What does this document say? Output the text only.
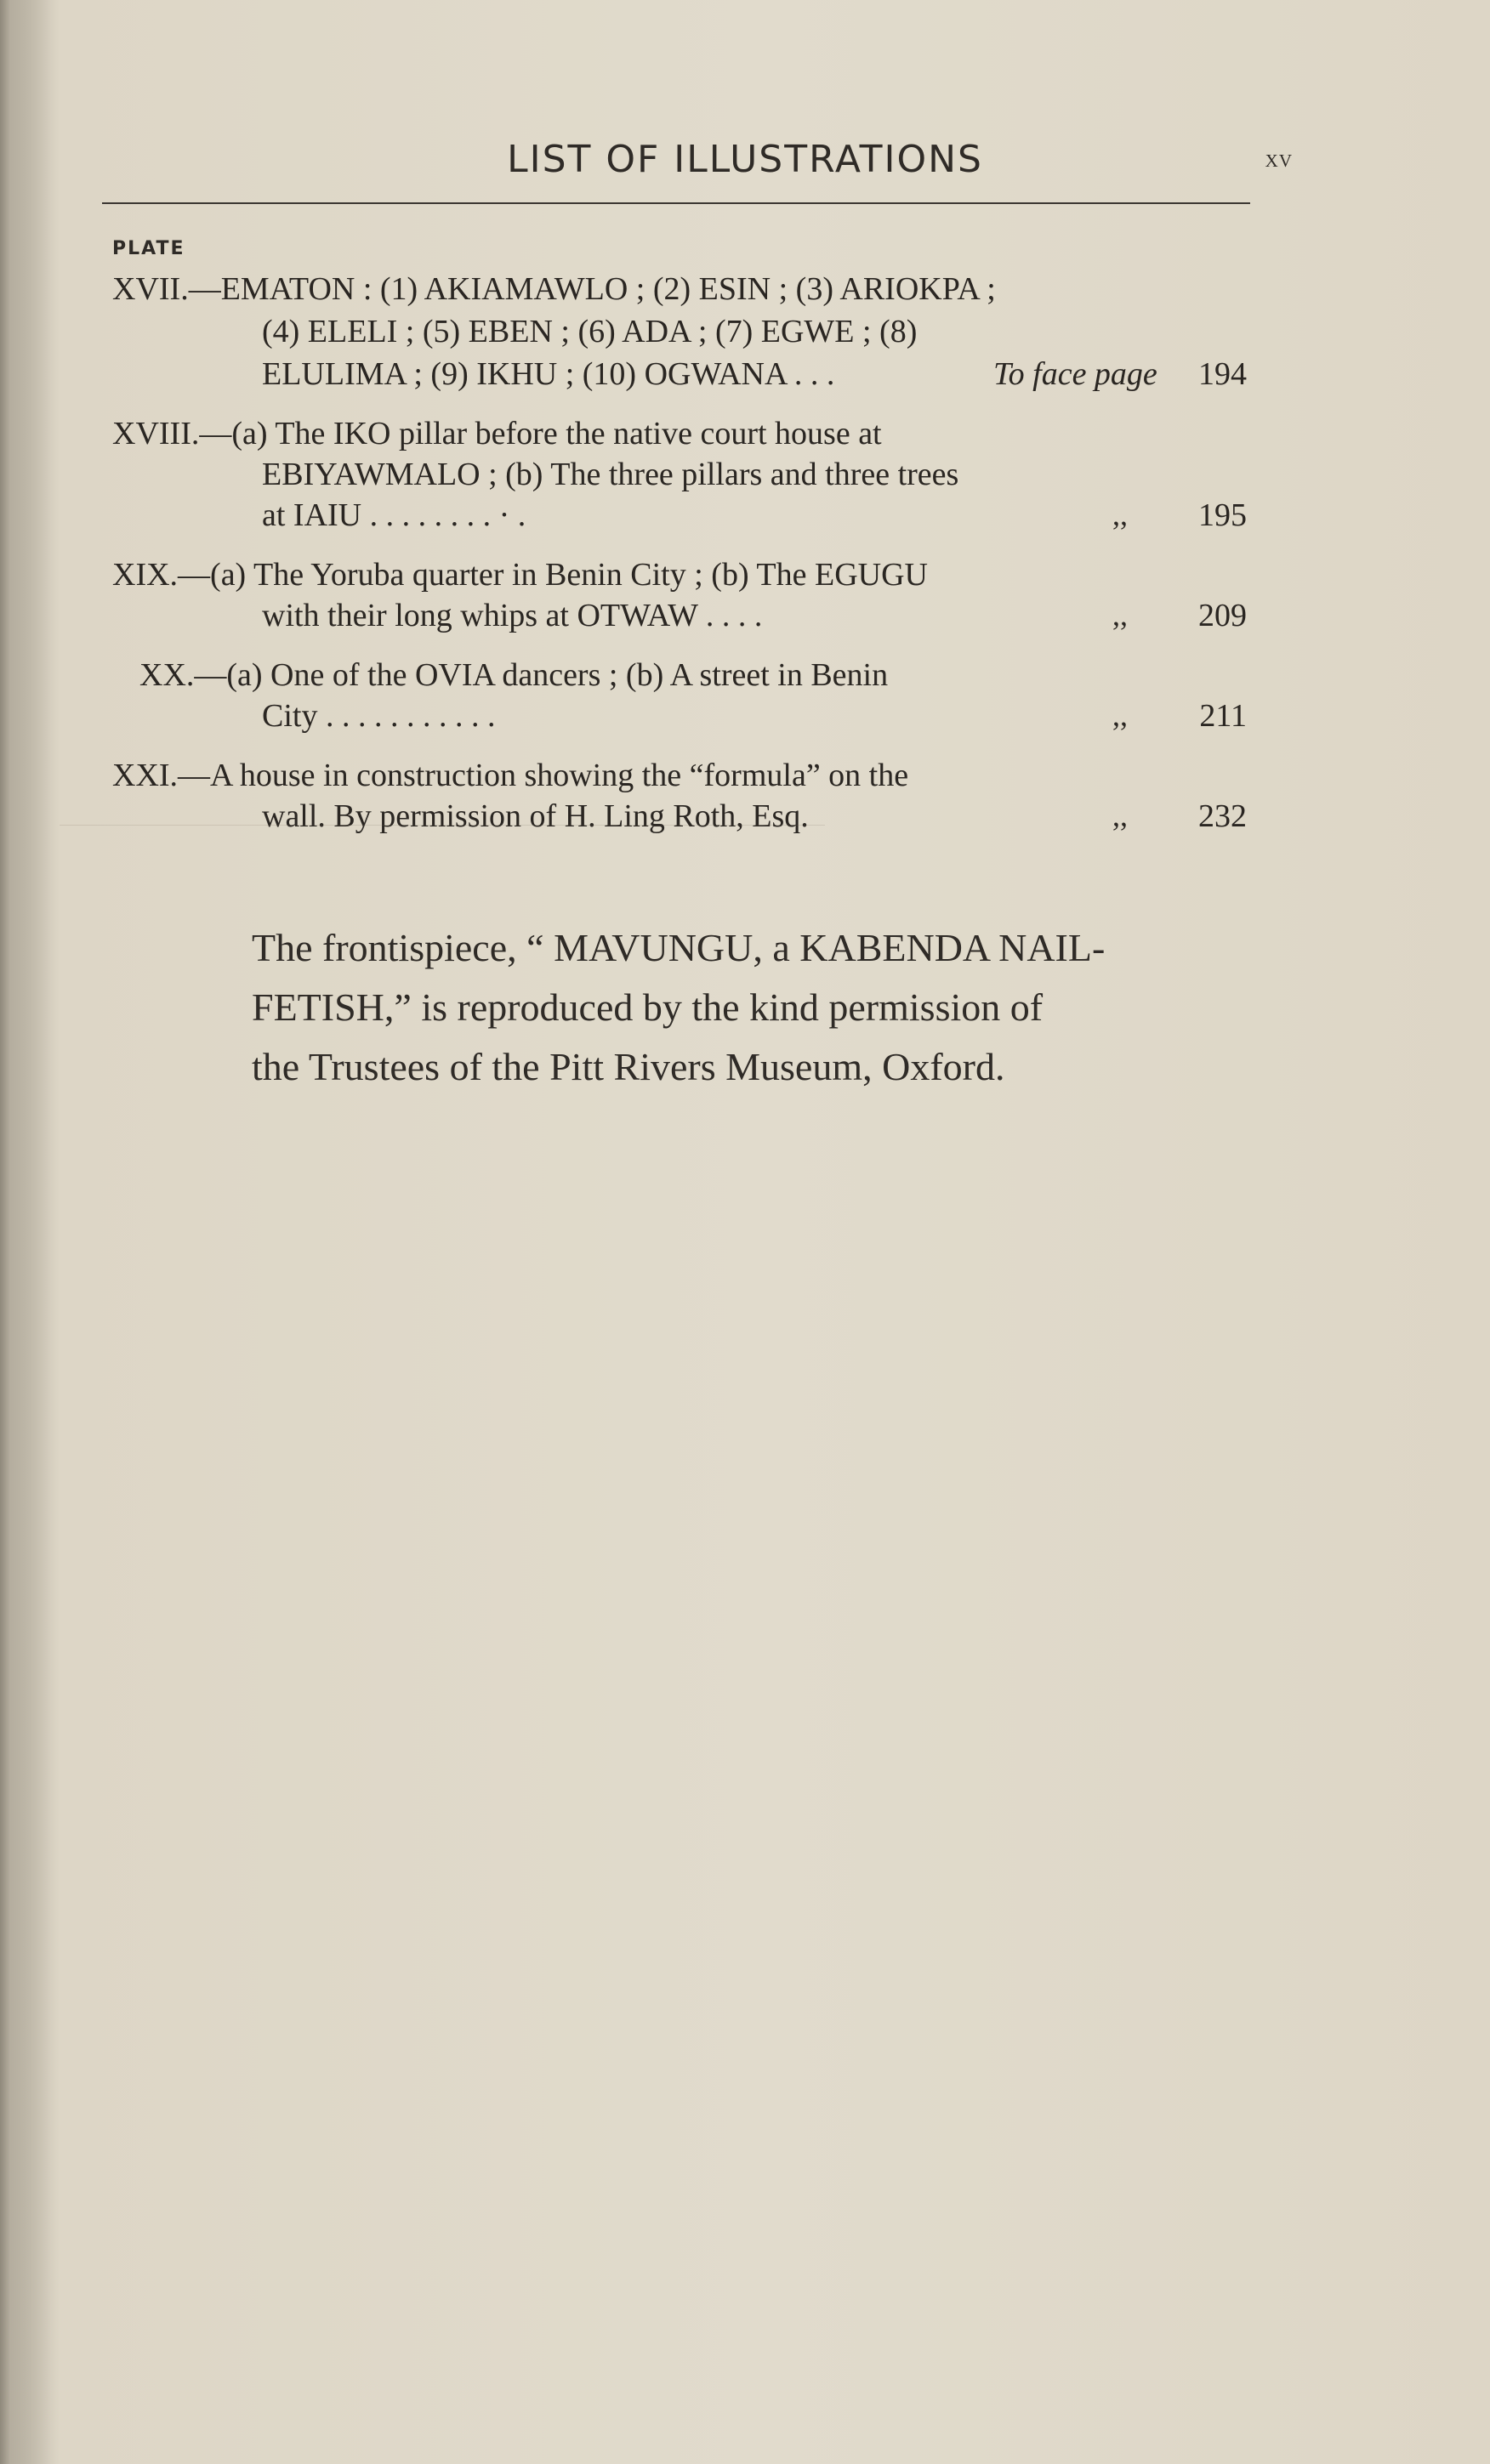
LIST OF ILLUSTRATIONS	xv
PLATE
XVII.—EMATON : (1) AKIAMAWLO ; (2) ESIN ; (3) ARIOKPA ;
(4) ELELI ; (5) EBEN ; (6) ADA ; (7) EGWE ; (8)
ELULIMA ; (9) IKHU ; (10) OGWANA . . .	To face page	194
XVIII.—(a) The IKO pillar before the native court house at
EBIYAWMALO ; (b) The three pillars and three trees
at IAIU . . . . . . . . · .	,,	195
XIX.—(a) The Yoruba quarter in Benin City ; (b) The EGUGU
with their long whips at OTWAW . . . .	,,	209
XX.—(a) One of the OVIA dancers ; (b) A street in Benin
City . . . . . . . . . . .	,,	211
XXI.—A house in construction showing the “formula” on the
wall. By permission of H. Ling Roth, Esq.	,,	232

The frontispiece, “ MAVUNGU, a KABENDA NAIL-

FETISH,” is reproduced by the kind permission of

the Trustees of the Pitt Rivers Museum, Oxford.
